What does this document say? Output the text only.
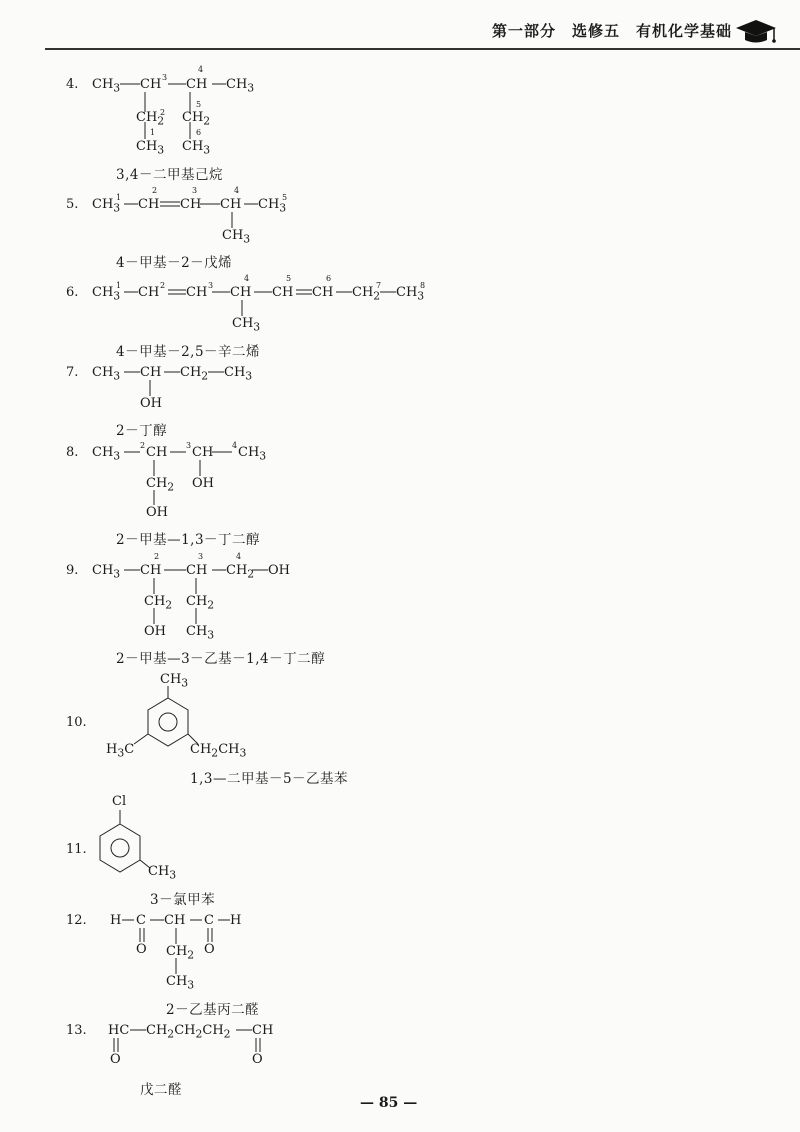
第一部分　选修五　有机化学基础
4.
5.
6.
7.
8.
9.
10.
11.
12.
13.
$CH_3$ CH 3
4
CH $CH_3$
$CH_2$
2
5
$CH_2$
1	6
$CH_3$ $CH_3$
3,4－二甲基己烷
$CH_3$
1
2
CH
3
CH
4
CH $CH_3$
5
$CH_3$
4－甲基－2－戊烯
$CH_3$
1 CH 2 CH 3
4
CH
5
CH
6
CH $CH_2$
7 $CH_3$
8
$CH_3$
4－甲基－2,5－辛二烯
$CH_3$ CH $CH_2$ $CH_3$
OH
2－丁醇
$CH_3$
2 CH 3 CH 4 $CH_3$
$CH_2$ OH
OH
2－甲基—1,3－丁二醇
$CH_3$
2
CH
3
CH
4
$CH_2$ OH
$CH_2$ $CH_2$
OH $CH_3$
2－甲基—3－乙基－1,4－丁二醇
$CH_3$
$H_3C$	$CH_2CH_3$
1,3—二甲基－5－乙基苯
Cl
$CH_3$
3－氯甲苯
H C CH C H
O	O
$CH_2$
$CH_3$
2－乙基丙二醛
HC $CH_2CH_2CH_2$ CH
O	O
戊二醛
— 85 —
